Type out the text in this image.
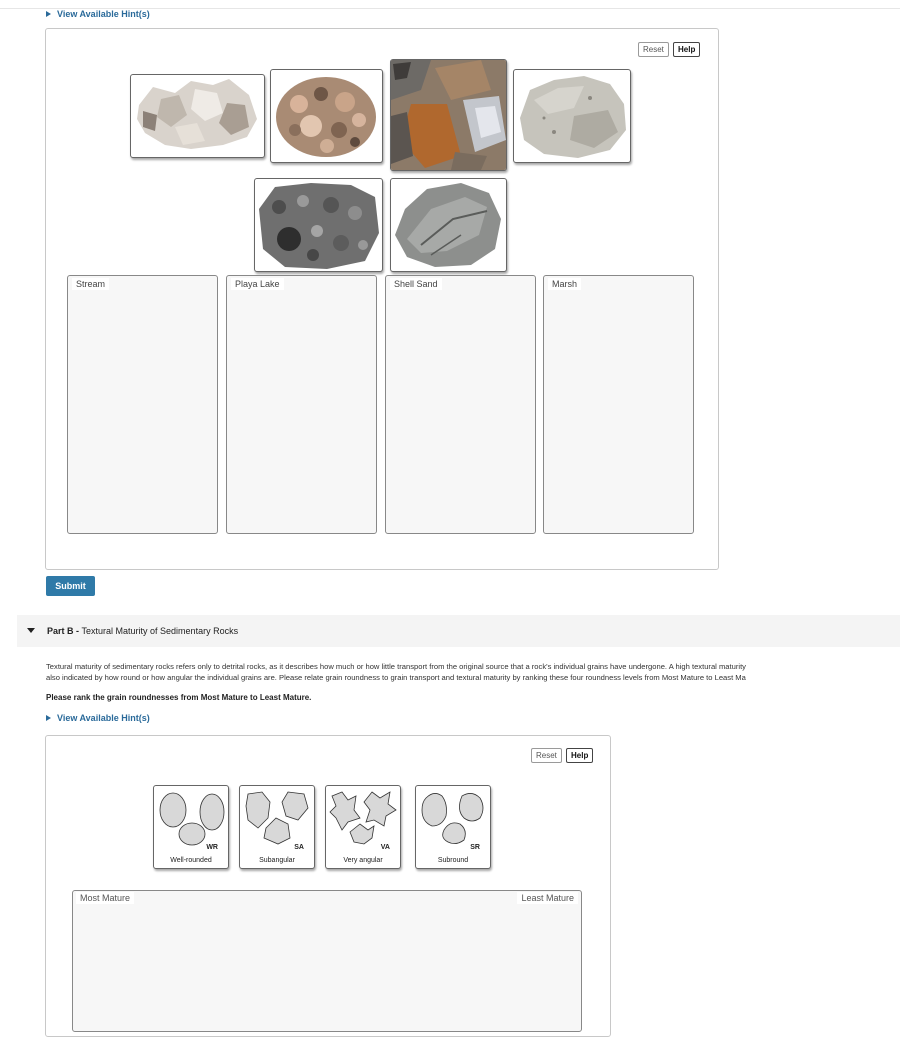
View Available Hint(s)
Reset	Help
Stream	Playa Lake	Shell Sand	Marsh
Submit
Part B - Textural Maturity of Sedimentary Rocks
Textural maturity of sedimentary rocks refers only to detrital rocks, as it describes how much or how little transport from the original source that a rock's individual grains have undergone. A high textural maturity
also indicated by how round or how angular the individual grains are. Please relate grain roundness to grain transport and textural maturity by ranking these four roundness levels from Most Mature to Least Ma
Please rank the grain roundnesses from Most Mature to Least Mature.
View Available Hint(s)
Reset	Help
WR
Well-rounded
SA
Subangular
VA
Very angular
SR
Subround
Most Mature	Least Mature
